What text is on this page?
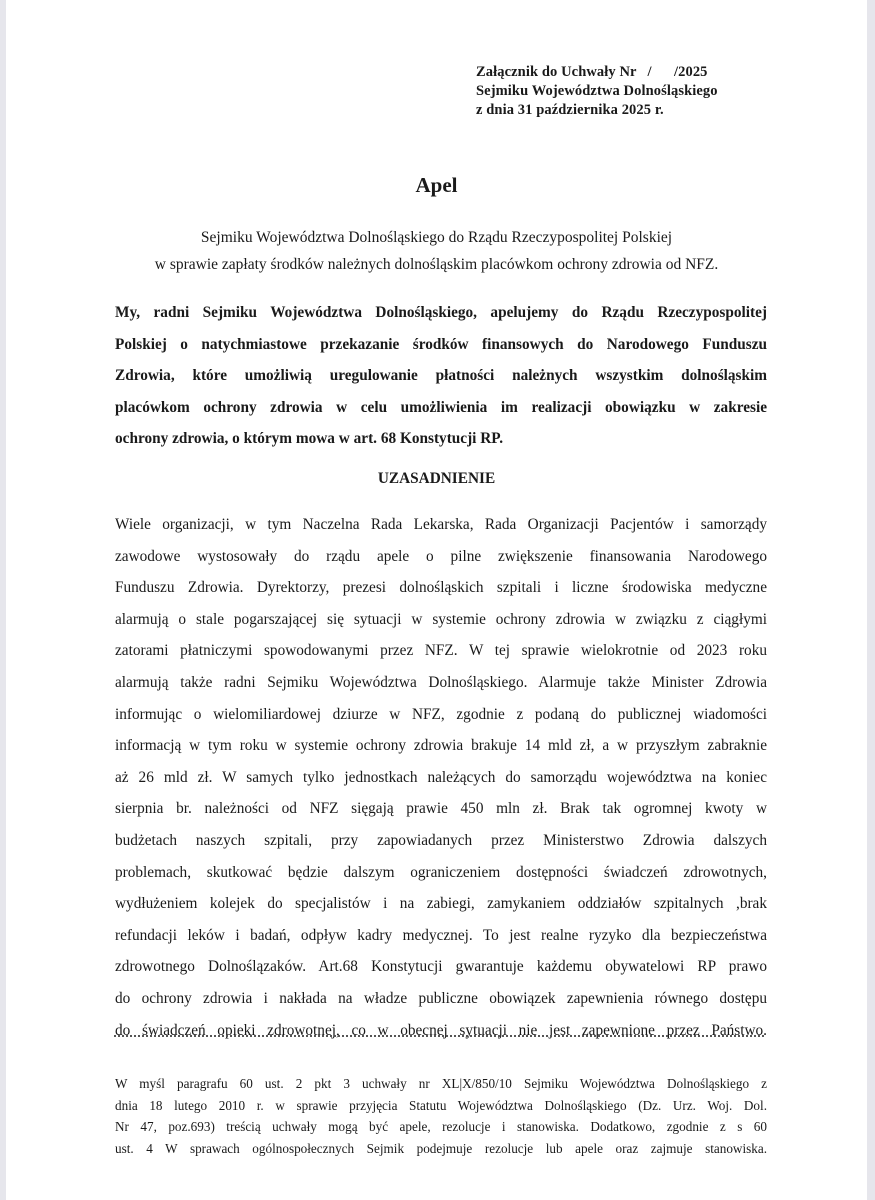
Załącznik do Uchwały Nr   /      /2025
Sejmiku Województwa Dolnośląskiego
z dnia 31 października 2025 r.
Apel
Sejmiku Województwa Dolnośląskiego do Rządu Rzeczypospolitej Polskiej
w sprawie zapłaty środków należnych dolnośląskim placówkom ochrony zdrowia od NFZ.
My, radni Sejmiku Województwa Dolnośląskiego, apelujemy do Rządu Rzeczypospolitej
Polskiej o natychmiastowe przekazanie środków finansowych do Narodowego Funduszu
Zdrowia, które umożliwią uregulowanie płatności należnych wszystkim dolnośląskim
placówkom ochrony zdrowia w celu umożliwienia im realizacji obowiązku w zakresie
ochrony zdrowia, o którym mowa w art. 68 Konstytucji RP.
UZASADNIENIE
Wiele organizacji, w tym Naczelna Rada Lekarska, Rada Organizacji Pacjentów i samorządy
zawodowe wystosowały do rządu apele o pilne zwiększenie finansowania Narodowego
Funduszu Zdrowia. Dyrektorzy, prezesi dolnośląskich szpitali i liczne środowiska medyczne
alarmują o stale pogarszającej się sytuacji w systemie ochrony zdrowia w związku z ciągłymi
zatorami płatniczymi spowodowanymi przez NFZ. W tej sprawie wielokrotnie od 2023 roku
alarmują także radni Sejmiku Województwa Dolnośląskiego. Alarmuje także Minister Zdrowia
informując o wielomiliardowej dziurze w NFZ, zgodnie z podaną do publicznej wiadomości
informacją w tym roku w systemie ochrony zdrowia brakuje 14 mld zł, a w przyszłym zabraknie
aż 26 mld zł. W samych tylko jednostkach należących do samorządu województwa na koniec
sierpnia br. należności od NFZ sięgają prawie 450 mln zł. Brak tak ogromnej kwoty w
budżetach naszych szpitali, przy zapowiadanych przez Ministerstwo Zdrowia dalszych
problemach, skutkować będzie dalszym ograniczeniem dostępności świadczeń zdrowotnych,
wydłużeniem kolejek do specjalistów i na zabiegi, zamykaniem oddziałów szpitalnych ,brak
refundacji leków i badań, odpływ kadry medycznej. To jest realne ryzyko dla bezpieczeństwa
zdrowotnego Dolnoślązaków. Art.68 Konstytucji gwarantuje każdemu obywatelowi RP prawo
do ochrony zdrowia i nakłada na władze publiczne obowiązek zapewnienia równego dostępu
do świadczeń opieki zdrowotnej, co w obecnej sytuacji nie jest zapewnione przez Państwo.
W myśl paragrafu 60 ust. 2 pkt 3 uchwały nr XL|X/850/10 Sejmiku Województwa Dolnośląskiego z
dnia 18 lutego 2010 r. w sprawie przyjęcia Statutu Województwa Dolnośląskiego (Dz. Urz. Woj. Dol.
Nr 47, poz.693) treścią uchwały mogą być apele, rezolucje i stanowiska. Dodatkowo, zgodnie z s 60
ust. 4 W sprawach ogólnospołecznych Sejmik podejmuje rezolucje lub apele oraz zajmuje stanowiska.
